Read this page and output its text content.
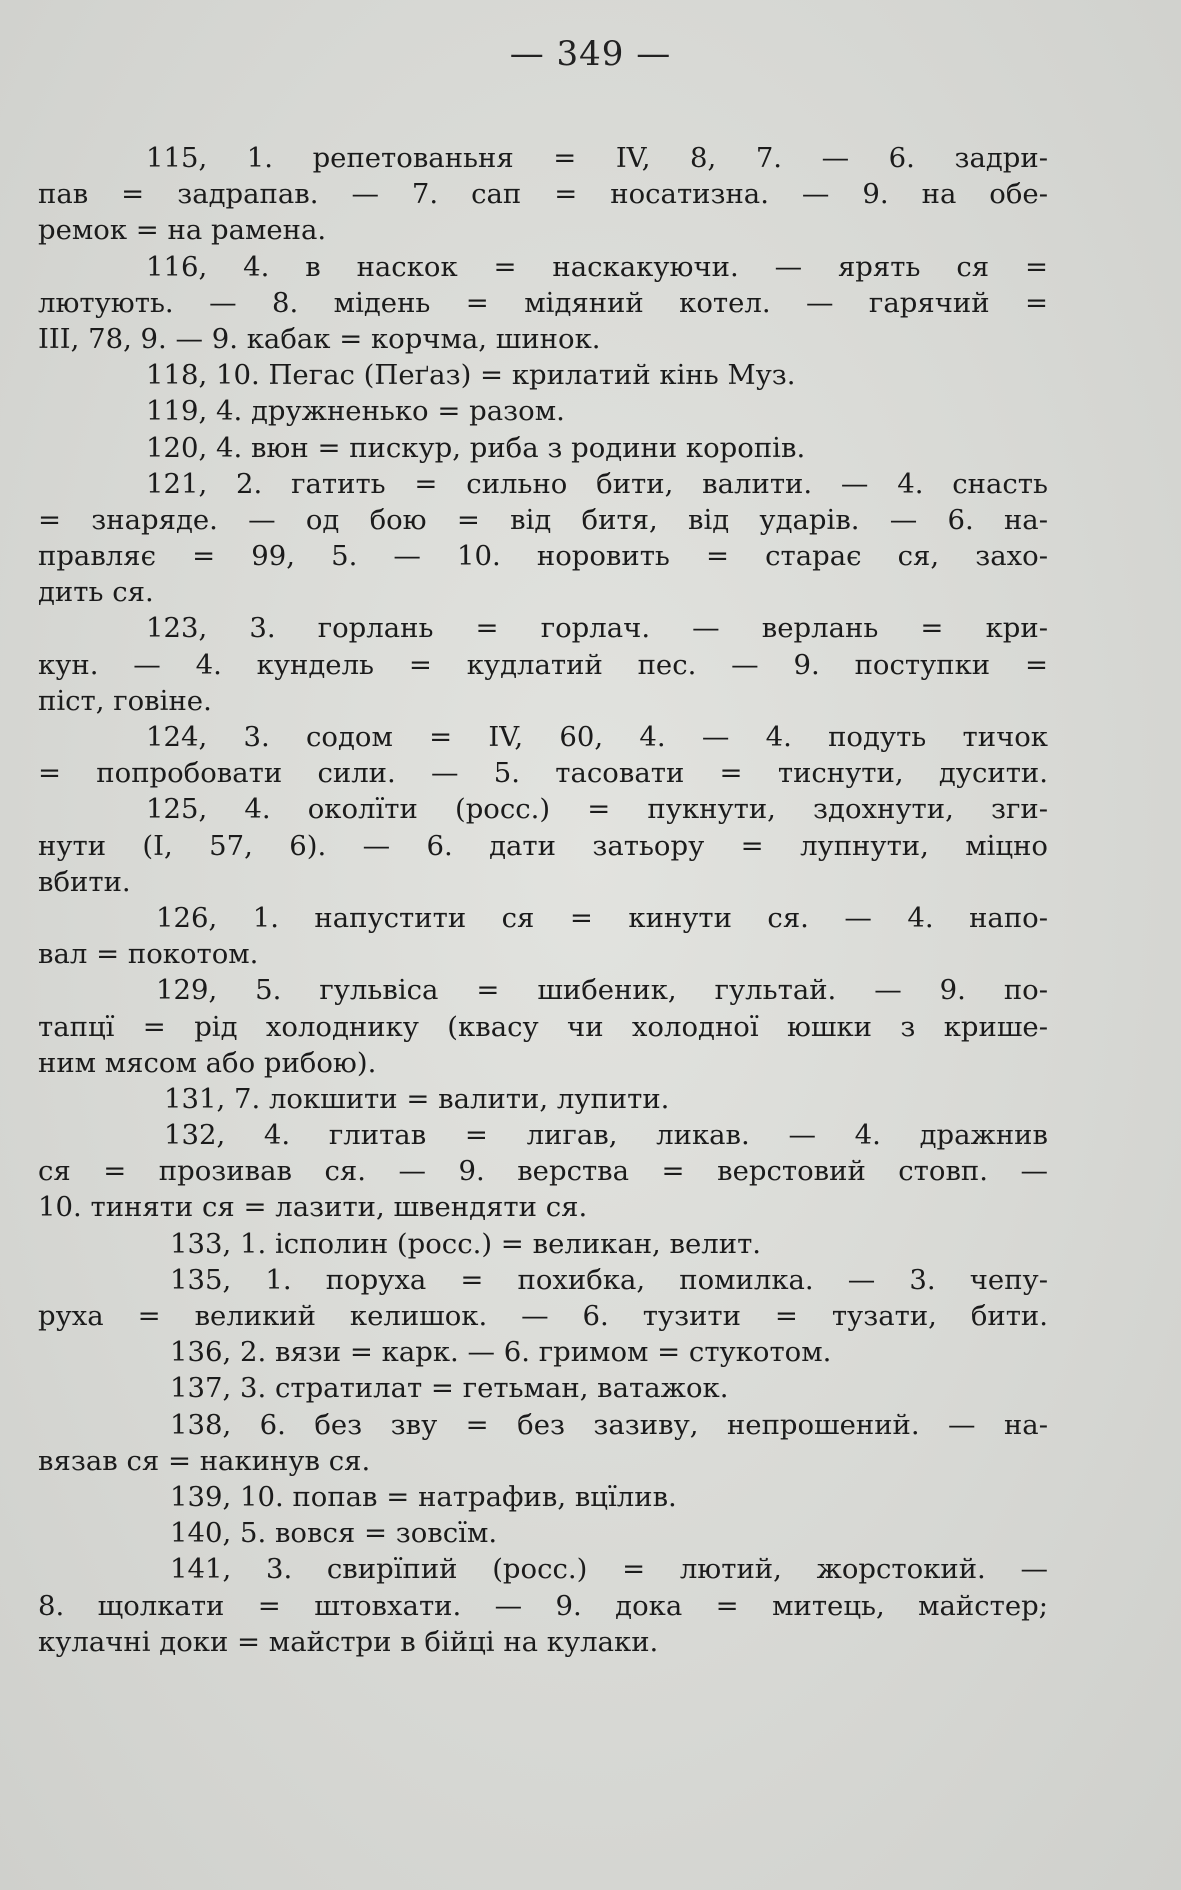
— 349 —
115, 1. репетованьня = IV, 8, 7. — 6. задри-
пав = задрапав. — 7. сап = носатизна. — 9. на обе-
ремок = на рамена.
116, 4. в наскок = наскакуючи. — ярять ся =
лютують. — 8. мідень = мідяний котел. — гарячий =
III, 78, 9. — 9. кабак = корчма, шинок.
118, 10. Пегас (Пеґаз) = крилатий кінь Муз.
119, 4. дружненько = разом.
120, 4. вюн = пискур, риба з родини коропів.
121, 2. гатить = сильно бити, валити. — 4. снасть
= знаряде. — од бою = від битя, від ударів. — 6. на-
правляє = 99, 5. — 10. норовить = старає ся, захо-
дить ся.
123, 3. горлань = горлач. — верлань = кри-
кун. — 4. кундель = кудлатий пес. — 9. поступки =
піст, говіне.
124, 3. содом = IV, 60, 4. — 4. подуть тичок
= попробовати сили. — 5. тасовати = тиснути, дусити.
125, 4. околїти (росс.) = пукнути, здохнути, зги-
нути (I, 57, 6). — 6. дати затьору = лупнути, міцно
вбити.
126, 1. напустити ся = кинути ся. — 4. напо-
вал = покотом.
129, 5. гульвіса = шибеник, гультай. — 9. по-
тапцї = рід холоднику (квасу чи холодної юшки з кришe-
ним мясом або рибою).
131, 7. локшити = валити, лупити.
132, 4. глитав = лигав, ликав. — 4. дражнив
ся = прозивав ся. — 9. верства = верстовий стовп. —
10. тиняти ся = лазити, швендяти ся.
133, 1. ісполин (росс.) = великан, велит.
135, 1. поруха = похибка, помилка. — 3. чепу-
руха = великий келишок. — 6. тузити = тузати, бити.
136, 2. вязи = карк. — 6. гримом = стукотом.
137, 3. стратилат = гетьман, ватажок.
138, 6. без зву = без зазиву, непрошений. — на-
вязав ся = накинув ся.
139, 10. попав = натрафив, вцїлив.
140, 5. вовся = зовсїм.
141, 3. свирїпий (росс.) = лютий, жорстокий. —
8. щолкати = штовхати. — 9. дока = митець, майстер;
кулачні доки = майстри в бійці на кулаки.
